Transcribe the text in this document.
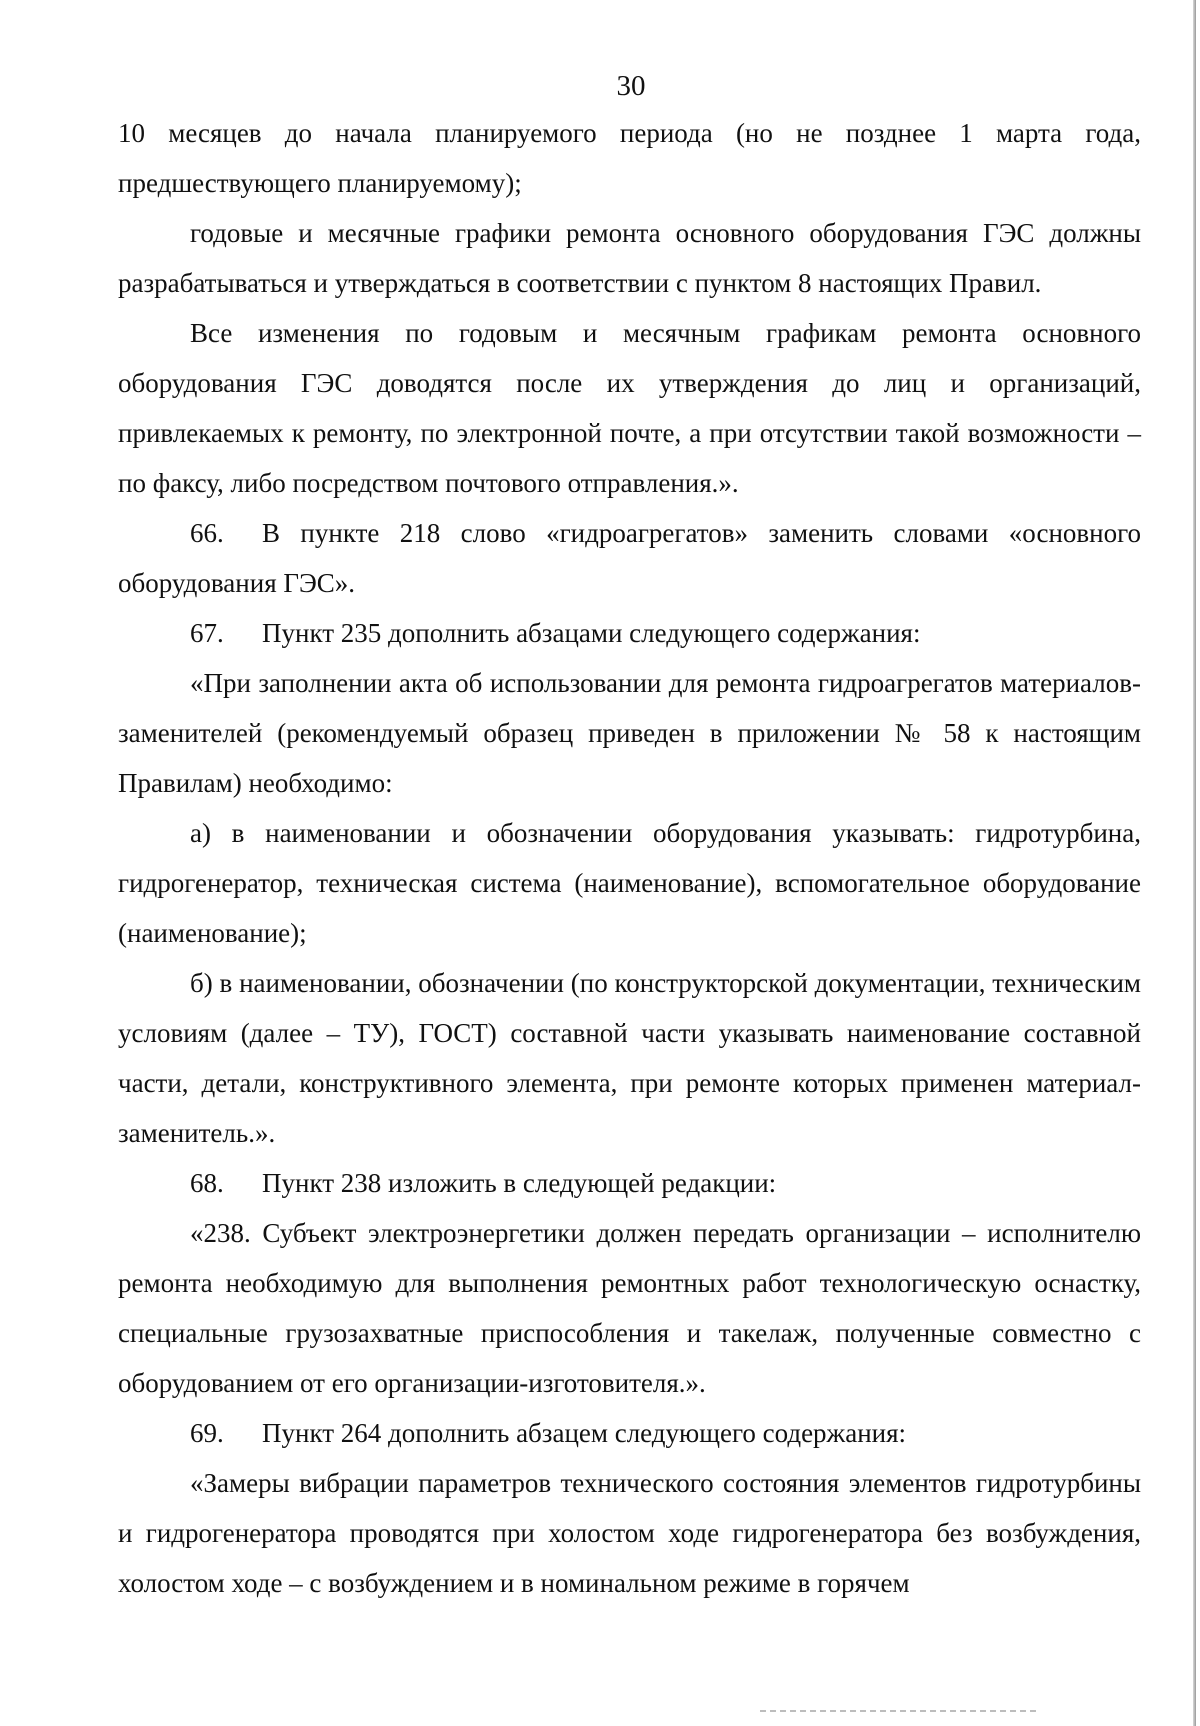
30

10 месяцев до начала планируемого периода (но не позднее 1 марта года, предшествующего планируемому);

годовые и месячные графики ремонта основного оборудования ГЭС должны разрабатываться и утверждаться в соответствии с пунктом 8 настоящих Правил.

Все изменения по годовым и месячным графикам ремонта основного оборудования ГЭС доводятся после их утверждения до лиц и организаций, привлекаемых к ремонту, по электронной почте, а при отсутствии такой возможности – по факсу, либо посредством почтового отправления.».

66. В пункте 218 слово «гидроагрегатов» заменить словами «основного оборудования ГЭС».

67. Пункт 235 дополнить абзацами следующего содержания:

«При заполнении акта об использовании для ремонта гидроагрегатов материалов-заменителей (рекомендуемый образец приведен в приложении № 58 к настоящим Правилам) необходимо:

а) в наименовании и обозначении оборудования указывать: гидротурбина, гидрогенератор, техническая система (наименование), вспомогательное оборудование (наименование);

б) в наименовании, обозначении (по конструкторской документации, техническим условиям (далее – ТУ), ГОСТ) составной части указывать наименование составной части, детали, конструктивного элемента, при ремонте которых применен материал-заменитель.».

68. Пункт 238 изложить в следующей редакции:

«238. Субъект электроэнергетики должен передать организации – исполнителю ремонта необходимую для выполнения ремонтных работ технологическую оснастку, специальные грузозахватные приспособления и такелаж, полученные совместно с оборудованием от его организации-изготовителя.».

69. Пункт 264 дополнить абзацем следующего содержания:

«Замеры вибрации параметров технического состояния элементов гидротурбины и гидрогенератора проводятся при холостом ходе гидрогенератора без возбуждения, холостом ходе – с возбуждением и в номинальном режиме в горячем
